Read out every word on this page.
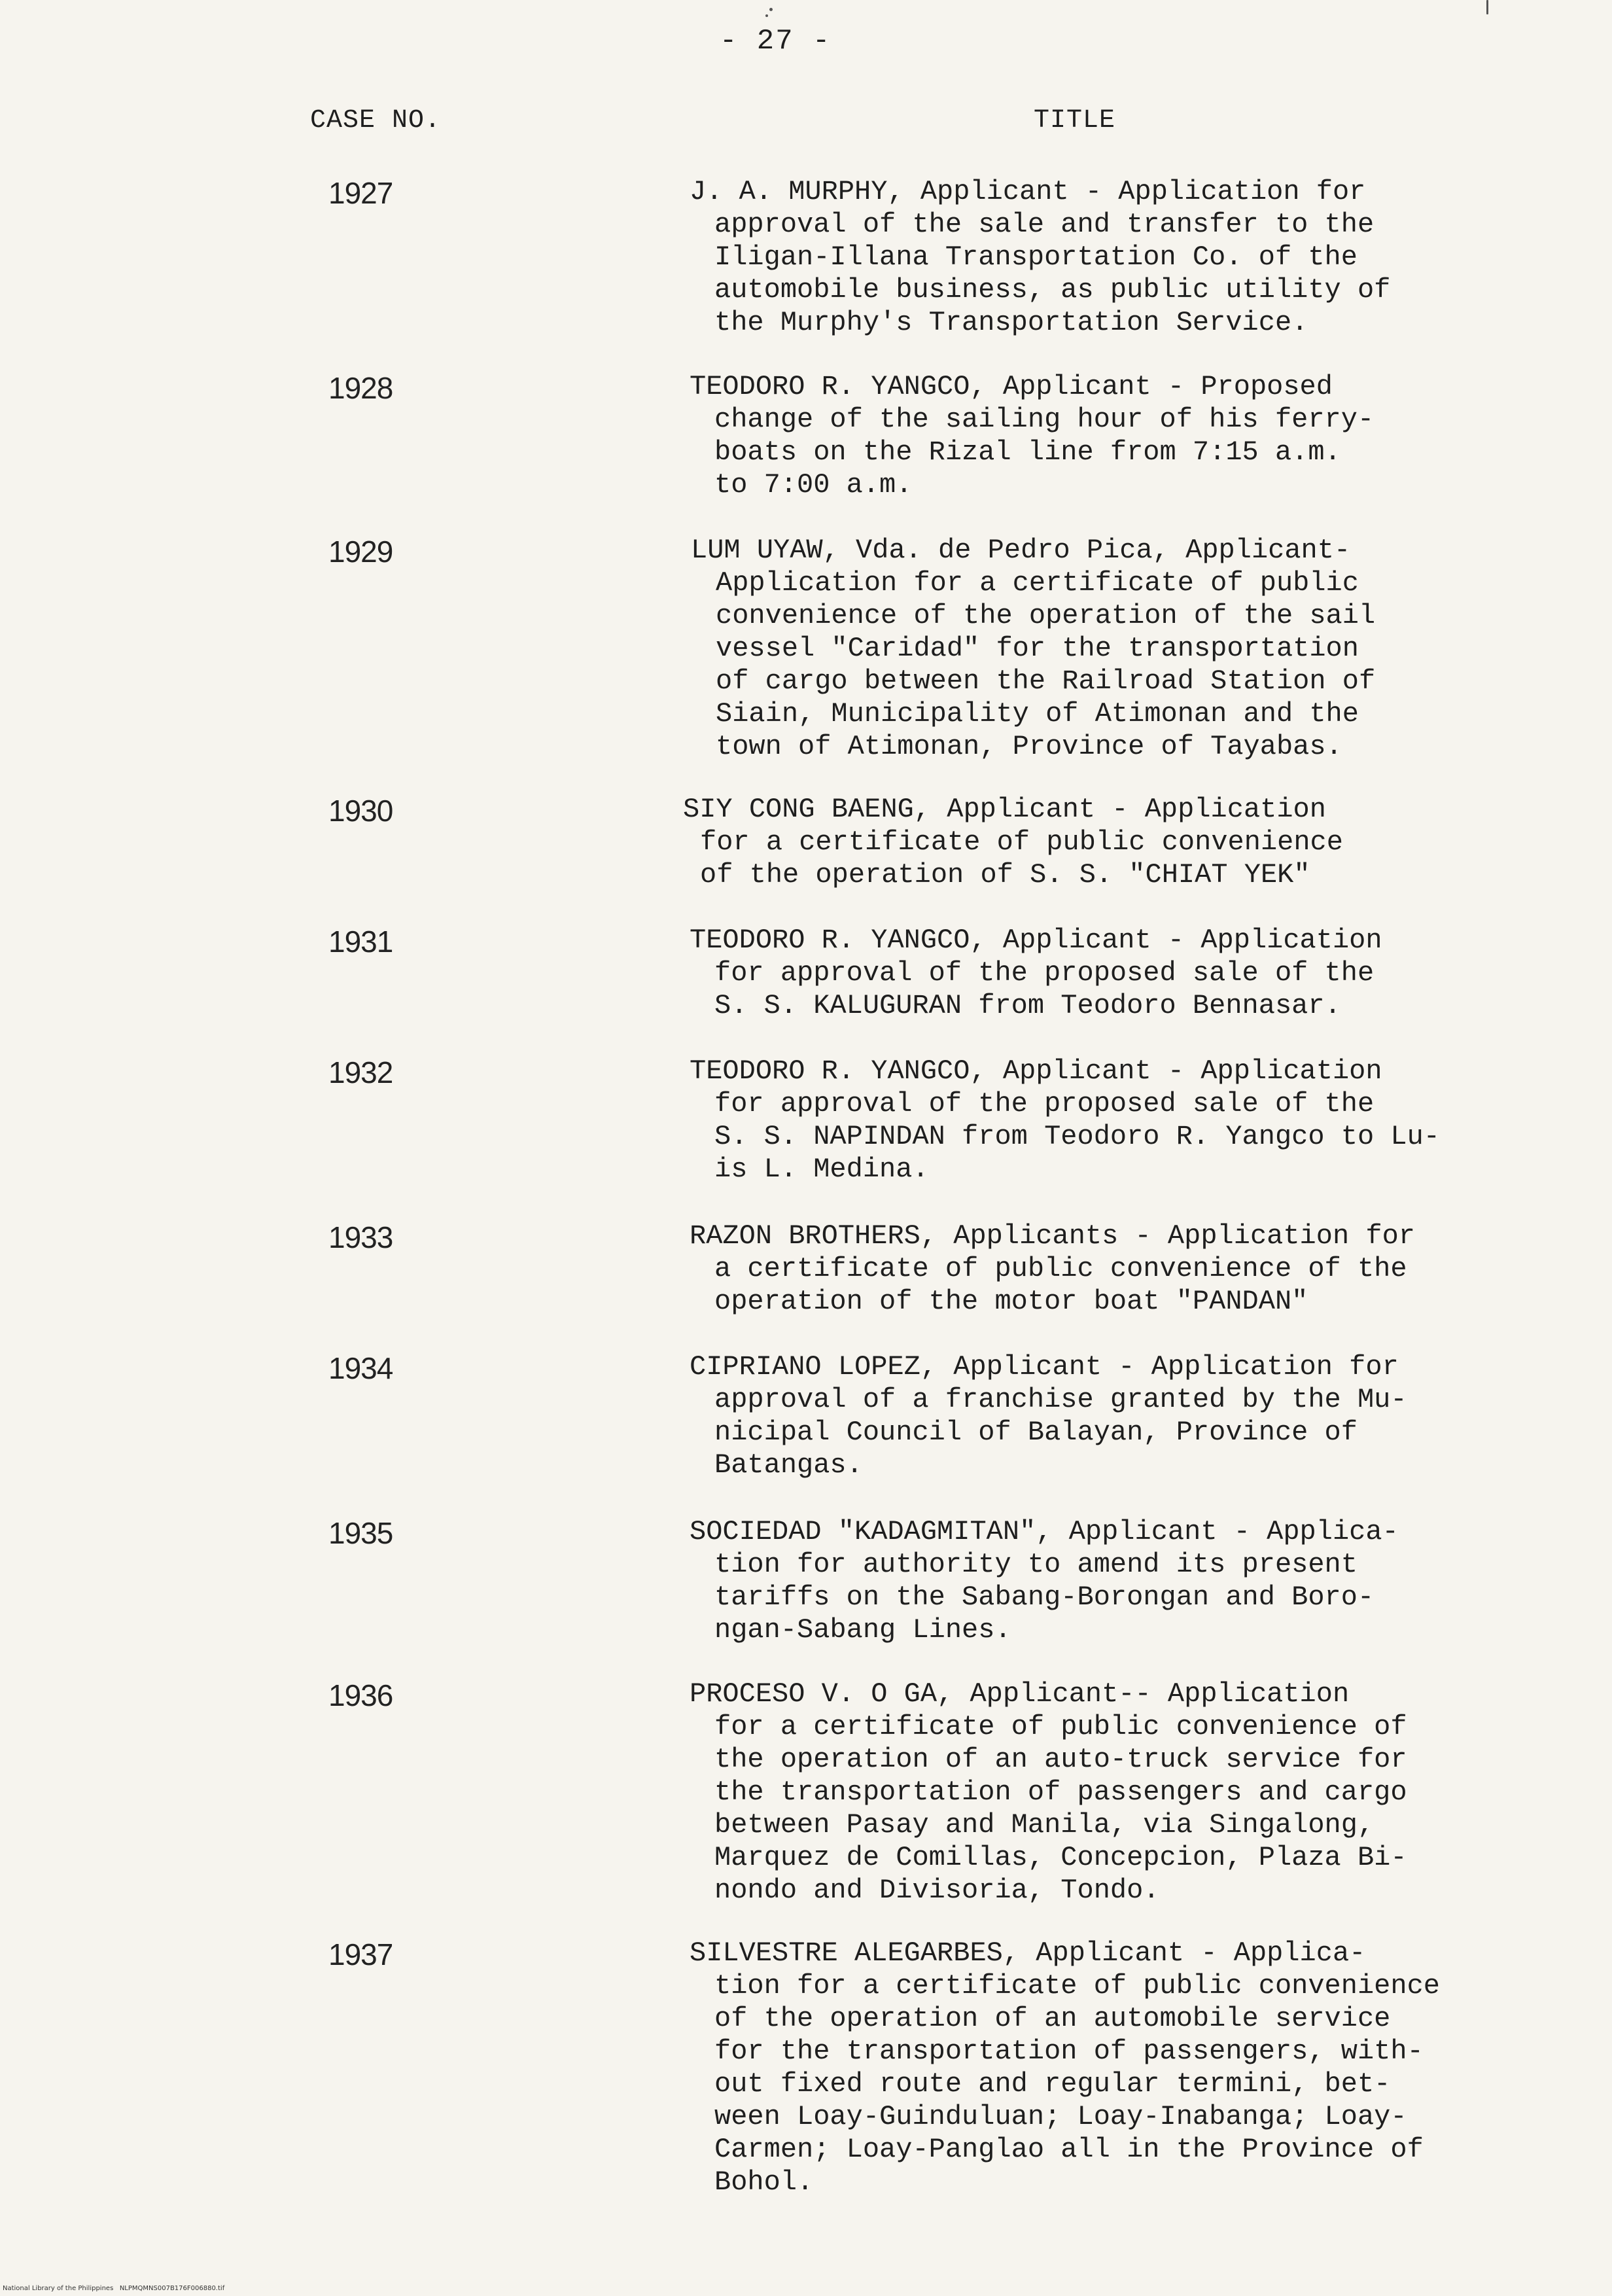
- 27 -
CASE NO.	TITLE
1927	J. A. MURPHY, Applicant - Application for
approval of the sale and transfer to the
Iligan-Illana Transportation Co. of the
automobile business, as public utility of
the Murphy's Transportation Service.
1928	TEODORO R. YANGCO, Applicant - Proposed
change of the sailing hour of his ferry-
boats on the Rizal line from 7:15 a.m.
to 7:00 a.m.
1929	LUM UYAW, Vda. de Pedro Pica, Applicant-
Application for a certificate of public
convenience of the operation of the sail
vessel "Caridad" for the transportation
of cargo between the Railroad Station of
Siain, Municipality of Atimonan and the
town of Atimonan, Province of Tayabas.
1930	SIY CONG BAENG, Applicant - Application
for a certificate of public convenience
of the operation of S. S. "CHIAT YEK"
1931	TEODORO R. YANGCO, Applicant - Application
for approval of the proposed sale of the
S. S. KALUGURAN from Teodoro Bennasar.
1932	TEODORO R. YANGCO, Applicant - Application
for approval of the proposed sale of the
S. S. NAPINDAN from Teodoro R. Yangco to Lu-
is L. Medina.
1933	RAZON BROTHERS, Applicants - Application for
a certificate of public convenience of the
operation of the motor boat "PANDAN"
1934	CIPRIANO LOPEZ, Applicant - Application for
approval of a franchise granted by the Mu-
nicipal Council of Balayan, Province of
Batangas.
1935	SOCIEDAD "KADAGMITAN", Applicant - Applica-
tion for authority to amend its present
tariffs on the Sabang-Borongan and Boro-
ngan-Sabang Lines.
1936	PROCESO V. O GA, Applicant-- Application
for a certificate of public convenience of
the operation of an auto-truck service for
the transportation of passengers and cargo
between Pasay and Manila, via Singalong,
Marquez de Comillas, Concepcion, Plaza Bi-
nondo and Divisoria, Tondo.
1937	SILVESTRE ALEGARBES, Applicant - Applica-
tion for a certificate of public convenience
of the operation of an automobile service
for the transportation of passengers, with-
out fixed route and regular termini, bet-
ween Loay-Guinduluan; Loay-Inabanga; Loay-
Carmen; Loay-Panglao all in the Province of
Bohol.
National Library of the Philippines   NLPMQMNS007B176F006880.tif
